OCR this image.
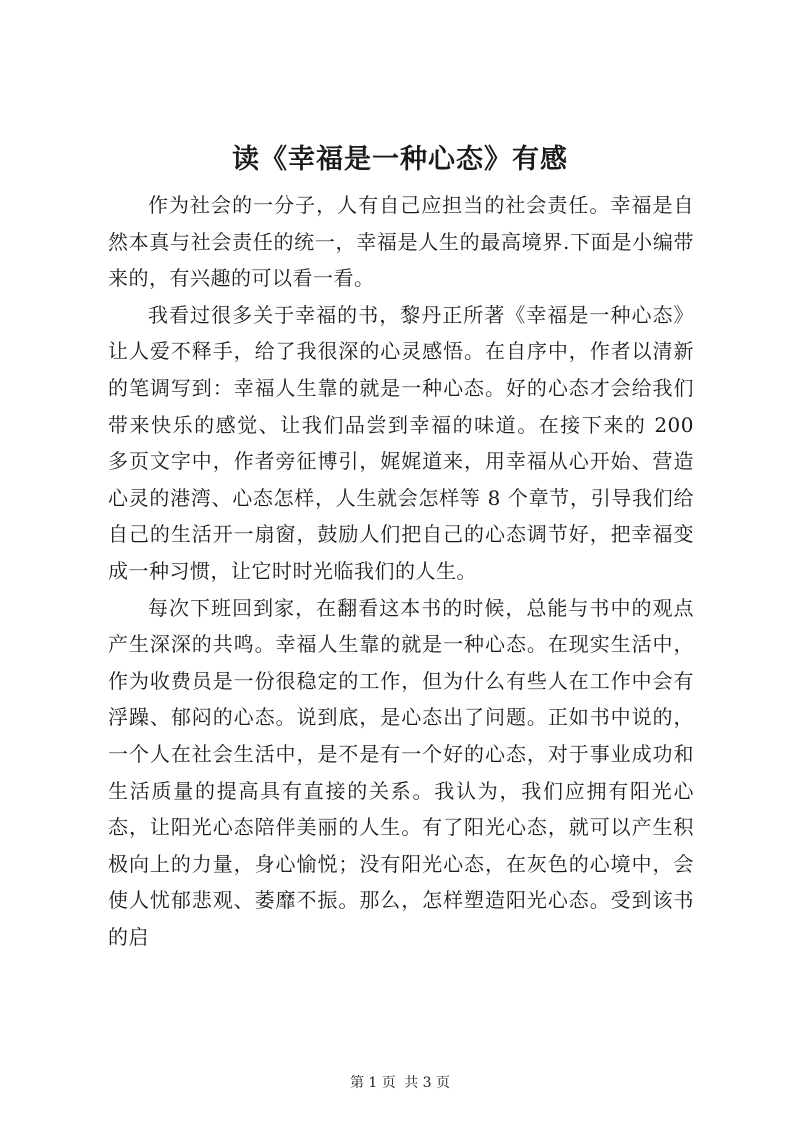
读《幸福是一种心态》有感

作为社会的一分子，人有自己应担当的社会责任。幸福是自然本真与社会责任的统一，幸福是人生的最高境界.下面是小编带来的，有兴趣的可以看一看。

我看过很多关于幸福的书，黎丹正所著《幸福是一种心态》让人爱不释手，给了我很深的心灵感悟。在自序中，作者以清新的笔调写到：幸福人生靠的就是一种心态。好的心态才会给我们带来快乐的感觉、让我们品尝到幸福的味道。在接下来的 200 多页文字中，作者旁征博引，娓娓道来，用幸福从心开始、营造心灵的港湾、心态怎样，人生就会怎样等 8 个章节，引导我们给自己的生活开一扇窗，鼓励人们把自己的心态调节好，把幸福变成一种习惯，让它时时光临我们的人生。

每次下班回到家，在翻看这本书的时候，总能与书中的观点产生深深的共鸣。幸福人生靠的就是一种心态。在现实生活中，作为收费员是一份很稳定的工作，但为什么有些人在工作中会有浮躁、郁闷的心态。说到底，是心态出了问题。正如书中说的，一个人在社会生活中，是不是有一个好的心态，对于事业成功和生活质量的提高具有直接的关系。我认为，我们应拥有阳光心态，让阳光心态陪伴美丽的人生。有了阳光心态，就可以产生积极向上的力量，身心愉悦；没有阳光心态，在灰色的心境中，会使人忧郁悲观、萎靡不振。那么，怎样塑造阳光心态。受到该书的启

第 1 页 共 3 页
